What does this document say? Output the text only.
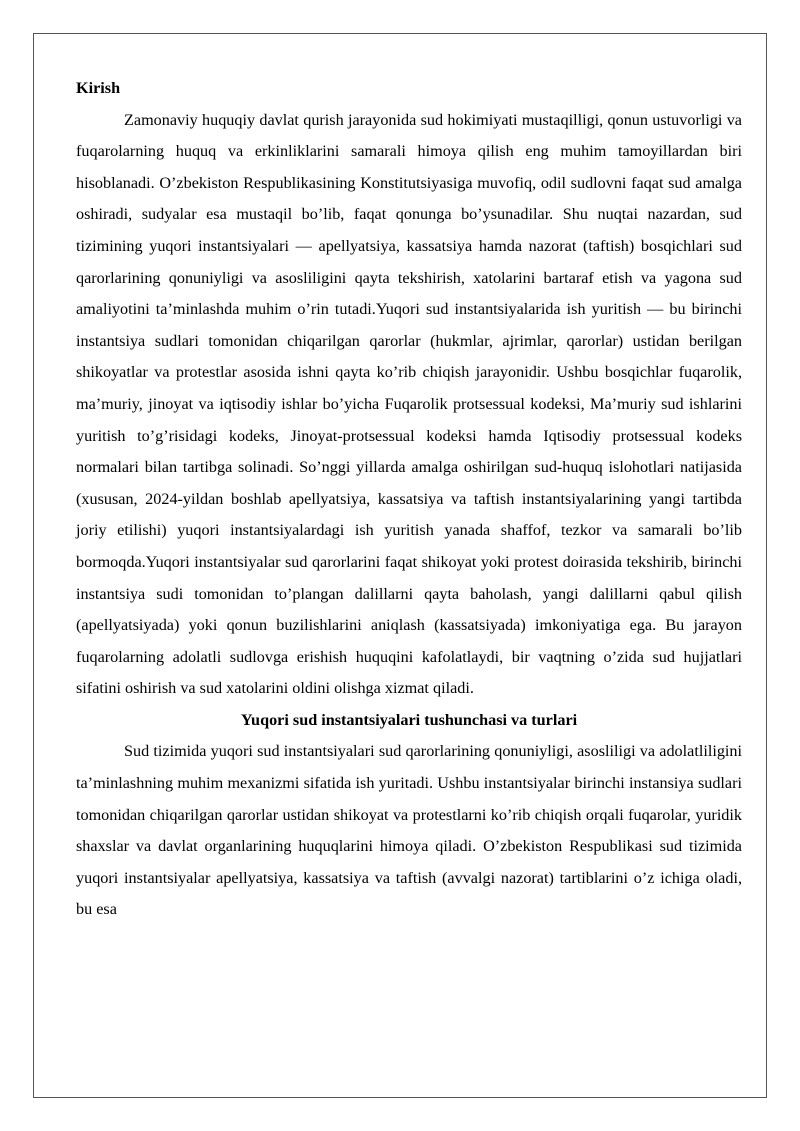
Kirish

Zamonaviy huquqiy davlat qurish jarayonida sud hokimiyati mustaqilligi, qonun ustuvorligi va fuqarolarning huquq va erkinliklarini samarali himoya qilish eng muhim tamoyillardan biri hisoblanadi. O’zbekiston Respublikasining Konstitutsiyasiga muvofiq, odil sudlovni faqat sud amalga oshiradi, sudyalar esa mustaqil bo’lib, faqat qonunga bo’ysunadilar. Shu nuqtai nazardan, sud tizimining yuqori instantsiyalari — apellyatsiya, kassatsiya hamda nazorat (taftish) bosqichlari sud qarorlarining qonuniyligi va asosliligini qayta tekshirish, xatolarini bartaraf etish va yagona sud amaliyotini ta’minlashda muhim o’rin tutadi.Yuqori sud instantsiyalarida ish yuritish — bu birinchi instantsiya sudlari tomonidan chiqarilgan qarorlar (hukmlar, ajrimlar, qarorlar) ustidan berilgan shikoyatlar va protestlar asosida ishni qayta ko’rib chiqish jarayonidir. Ushbu bosqichlar fuqarolik, ma’muriy, jinoyat va iqtisodiy ishlar bo’yicha Fuqarolik protsessual kodeksi, Ma’muriy sud ishlarini yuritish to’g’risidagi kodeks, Jinoyat-protsessual kodeksi hamda Iqtisodiy protsessual kodeks normalari bilan tartibga solinadi. So’nggi yillarda amalga oshirilgan sud-huquq islohotlari natijasida (xususan, 2024-yildan boshlab apellyatsiya, kassatsiya va taftish instantsiyalarining yangi tartibda joriy etilishi) yuqori instantsiyalardagi ish yuritish yanada shaffof, tezkor va samarali bo’lib bormoqda.Yuqori instantsiyalar sud qarorlarini faqat shikoyat yoki protest doirasida tekshirib, birinchi instantsiya sudi tomonidan to’plangan dalillarni qayta baholash, yangi dalillarni qabul qilish (apellyatsiyada) yoki qonun buzilishlarini aniqlash (kassatsiyada) imkoniyatiga ega. Bu jarayon fuqarolarning adolatli sudlovga erishish huquqini kafolatlaydi, bir vaqtning o’zida sud hujjatlari sifatini oshirish va sud xatolarini oldini olishga xizmat qiladi.

Yuqori sud instantsiyalari tushunchasi va turlari

Sud tizimida yuqori sud instantsiyalari sud qarorlarining qonuniyligi, asosliligi va adolatliligini ta’minlashning muhim mexanizmi sifatida ish yuritadi. Ushbu instantsiyalar birinchi instansiya sudlari tomonidan chiqarilgan qarorlar ustidan shikoyat va protestlarni ko’rib chiqish orqali fuqarolar, yuridik shaxslar va davlat organlarining huquqlarini himoya qiladi. O’zbekiston Respublikasi sud tizimida yuqori instantsiyalar apellyatsiya, kassatsiya va taftish (avvalgi nazorat) tartiblarini o’z ichiga oladi, bu esa
